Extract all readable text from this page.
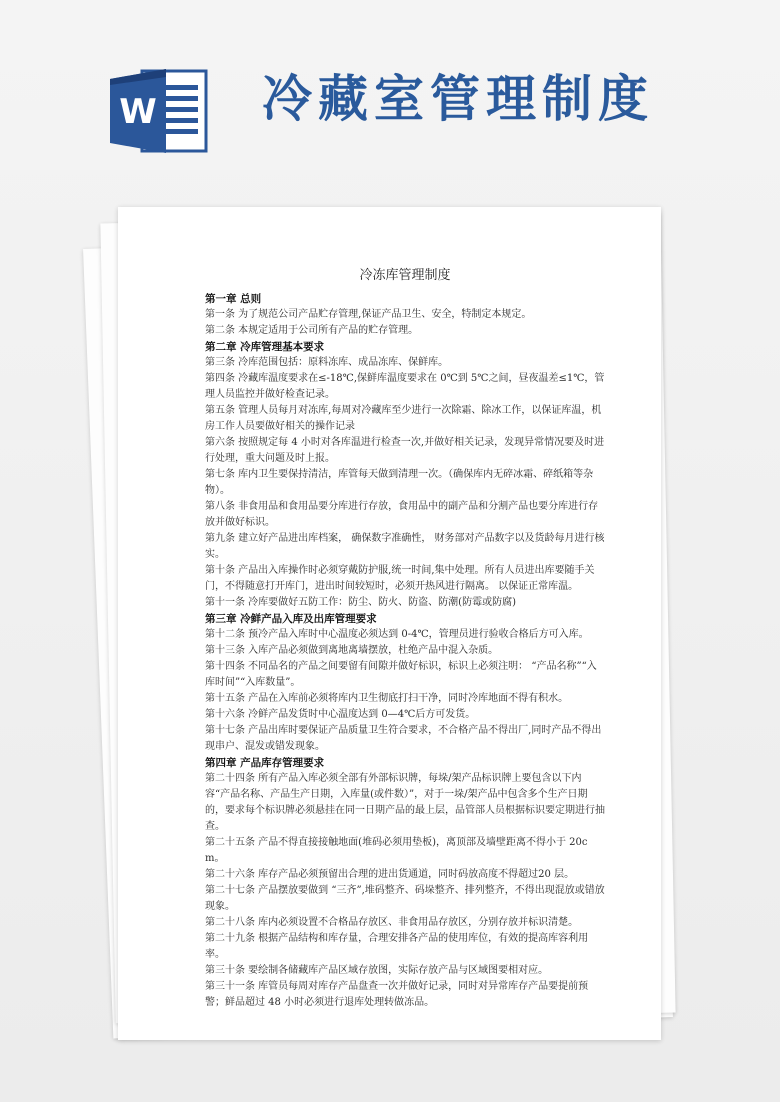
W 冷藏室管理制度
冷冻库管理制度
第一章 总则
第一条 为了规范公司产品贮存管理,保证产品卫生、安全，特制定本规定。
第二条 本规定适用于公司所有产品的贮存管理。
第二章 冷库管理基本要求
第三条 冷库范围包括：原料冻库、成品冻库、保鲜库。
第四条 冷藏库温度要求在≤-18℃,保鲜库温度要求在 0℃到 5℃之间，昼夜温差≤1℃，管理人员监控并做好检查记录。
第五条 管理人员每月对冻库,每周对冷藏库至少进行一次除霜、除冰工作，以保证库温，机房工作人员要做好相关的操作记录
第六条 按照规定每 4 小时对各库温进行检查一次,并做好相关记录，发现异常情况要及时进行处理，重大问题及时上报。
第七条 库内卫生要保持清洁，库管每天做到清理一次。（确保库内无碎冰霜、碎纸箱等杂物）。
第八条 非食用品和食用品要分库进行存放，食用品中的副产品和分割产品也要分库进行存放并做好标识。
第九条 建立好产品进出库档案， 确保数字准确性， 财务部对产品数字以及货龄每月进行核实。
第十条 产品出入库操作时必须穿戴防护服,统一时间,集中处理。所有人员进出库要随手关门，不得随意打开库门，进出时间较短时，必须开热风进行隔离。 以保证正常库温。
第十一条 冷库要做好五防工作：防尘、防火、防盗、防潮(防霉或防腐)
第三章 冷鲜产品入库及出库管理要求
第十二条 预冷产品入库时中心温度必须达到 0-4℃，管理员进行验收合格后方可入库。
第十三条 入库产品必须做到离地离墙摆放，杜绝产品中混入杂质。
第十四条 不同品名的产品之间要留有间隙并做好标识，标识上必须注明： “产品名称”“入库时间”“入库数量”。
第十五条 产品在入库前必须将库内卫生彻底打扫干净，同时冷库地面不得有积水。
第十六条 冷鲜产品发货时中心温度达到 0—4℃后方可发货。
第十七条 产品出库时要保证产品质量卫生符合要求，不合格产品不得出厂,同时产品不得出现串户、混发或错发现象。
第四章 产品库存管理要求
第二十四条 所有产品入库必须全部有外部标识牌，每垛/架产品标识牌上要包含以下内容“产品名称、产品生产日期，入库量(或件数）”，对于一垛/架产品中包含多个生产日期的，要求每个标识牌必须悬挂在同一日期产品的最上层，品管部人员根据标识要定期进行抽查。
第二十五条 产品不得直接接触地面(堆码必须用垫板)，离顶部及墙壁距离不得小于 20cm。
第二十六条 库存产品必须预留出合理的进出货通道，同时码放高度不得超过20 层。
第二十七条 产品摆放要做到 “三齐”,堆码整齐、码垛整齐、排列整齐，不得出现混放或错放现象。
第二十八条 库内必须设置不合格品存放区、非食用品存放区，分别存放并标识清楚。
第二十九条 根据产品结构和库存量，合理安排各产品的使用库位，有效的提高库容利用率。
第三十条 要绘制各储藏库产品区域存放图，实际存放产品与区域图要相对应。
第三十一条 库管员每周对库存产品盘查一次并做好记录，同时对异常库存产品要提前预警；鲜品超过 48 小时必须进行退库处理转做冻品。
